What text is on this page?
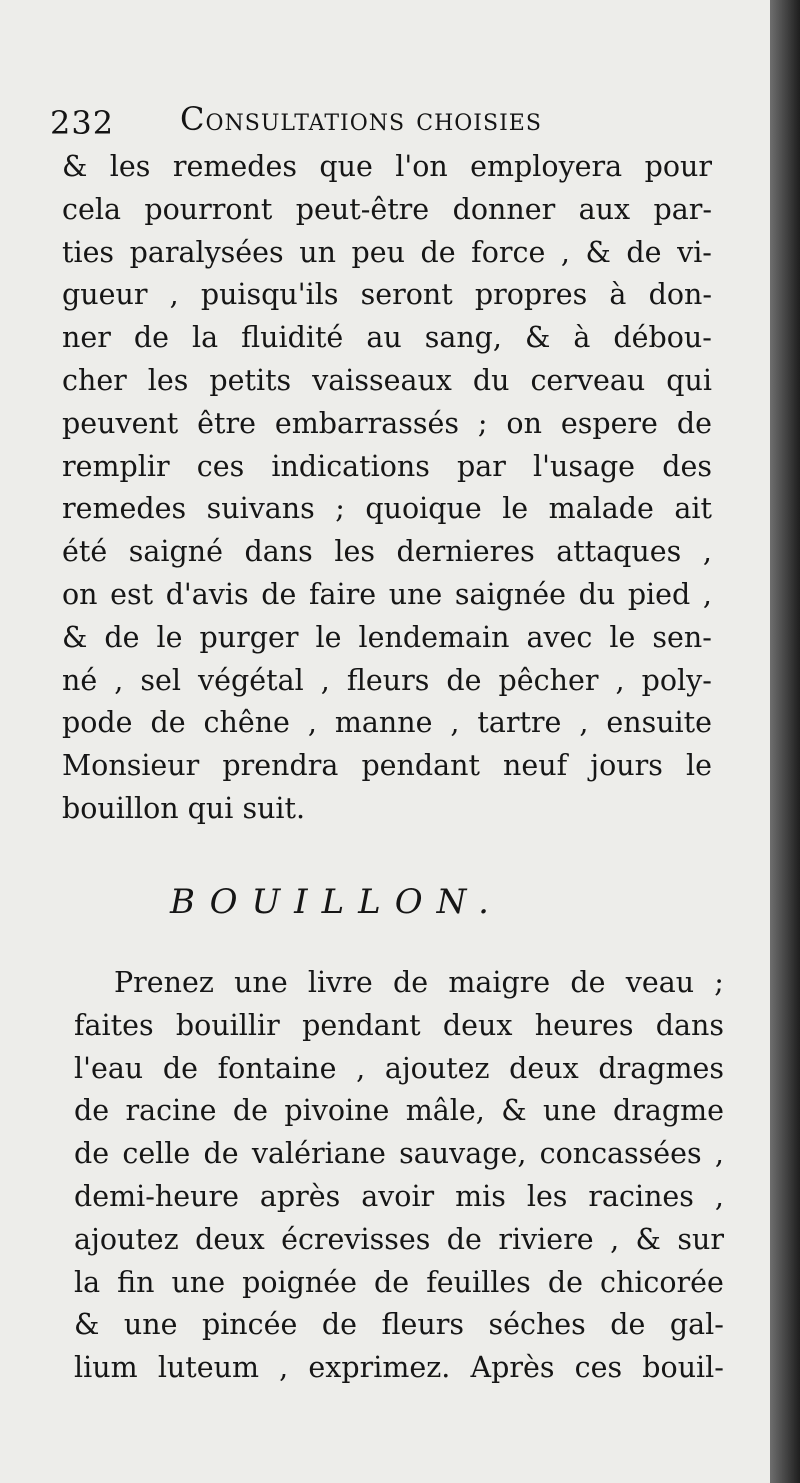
232 Consultations choisies
& les remedes que l'on employera pour
cela pourront peut-être donner aux par-
ties paralysées un peu de force , & de vi-
gueur , puisqu'ils seront propres à don-
ner de la fluidité au sang, & à débou-
cher les petits vaisseaux du cerveau qui
peuvent être embarrassés ; on espere de
remplir ces indications par l'usage des
remedes suivans ; quoique le malade ait
été saigné dans les dernieres attaques ,
on est d'avis de faire une saignée du pied ,
& de le purger le lendemain avec le sen-
né , sel végétal , fleurs de pêcher , poly-
pode de chêne , manne , tartre , ensuite
Monsieur prendra pendant neuf jours le
bouillon qui suit.
BOUILLON.
Prenez une livre de maigre de veau ;
faites bouillir pendant deux heures dans
l'eau de fontaine , ajoutez deux dragmes
de racine de pivoine mâle, & une dragme
de celle de valériane sauvage, concassées ,
demi-heure après avoir mis les racines ,
ajoutez deux écrevisses de riviere , & sur
la fin une poignée de feuilles de chicorée
& une pincée de fleurs séches de gal-
lium luteum , exprimez. Après ces bouil-
